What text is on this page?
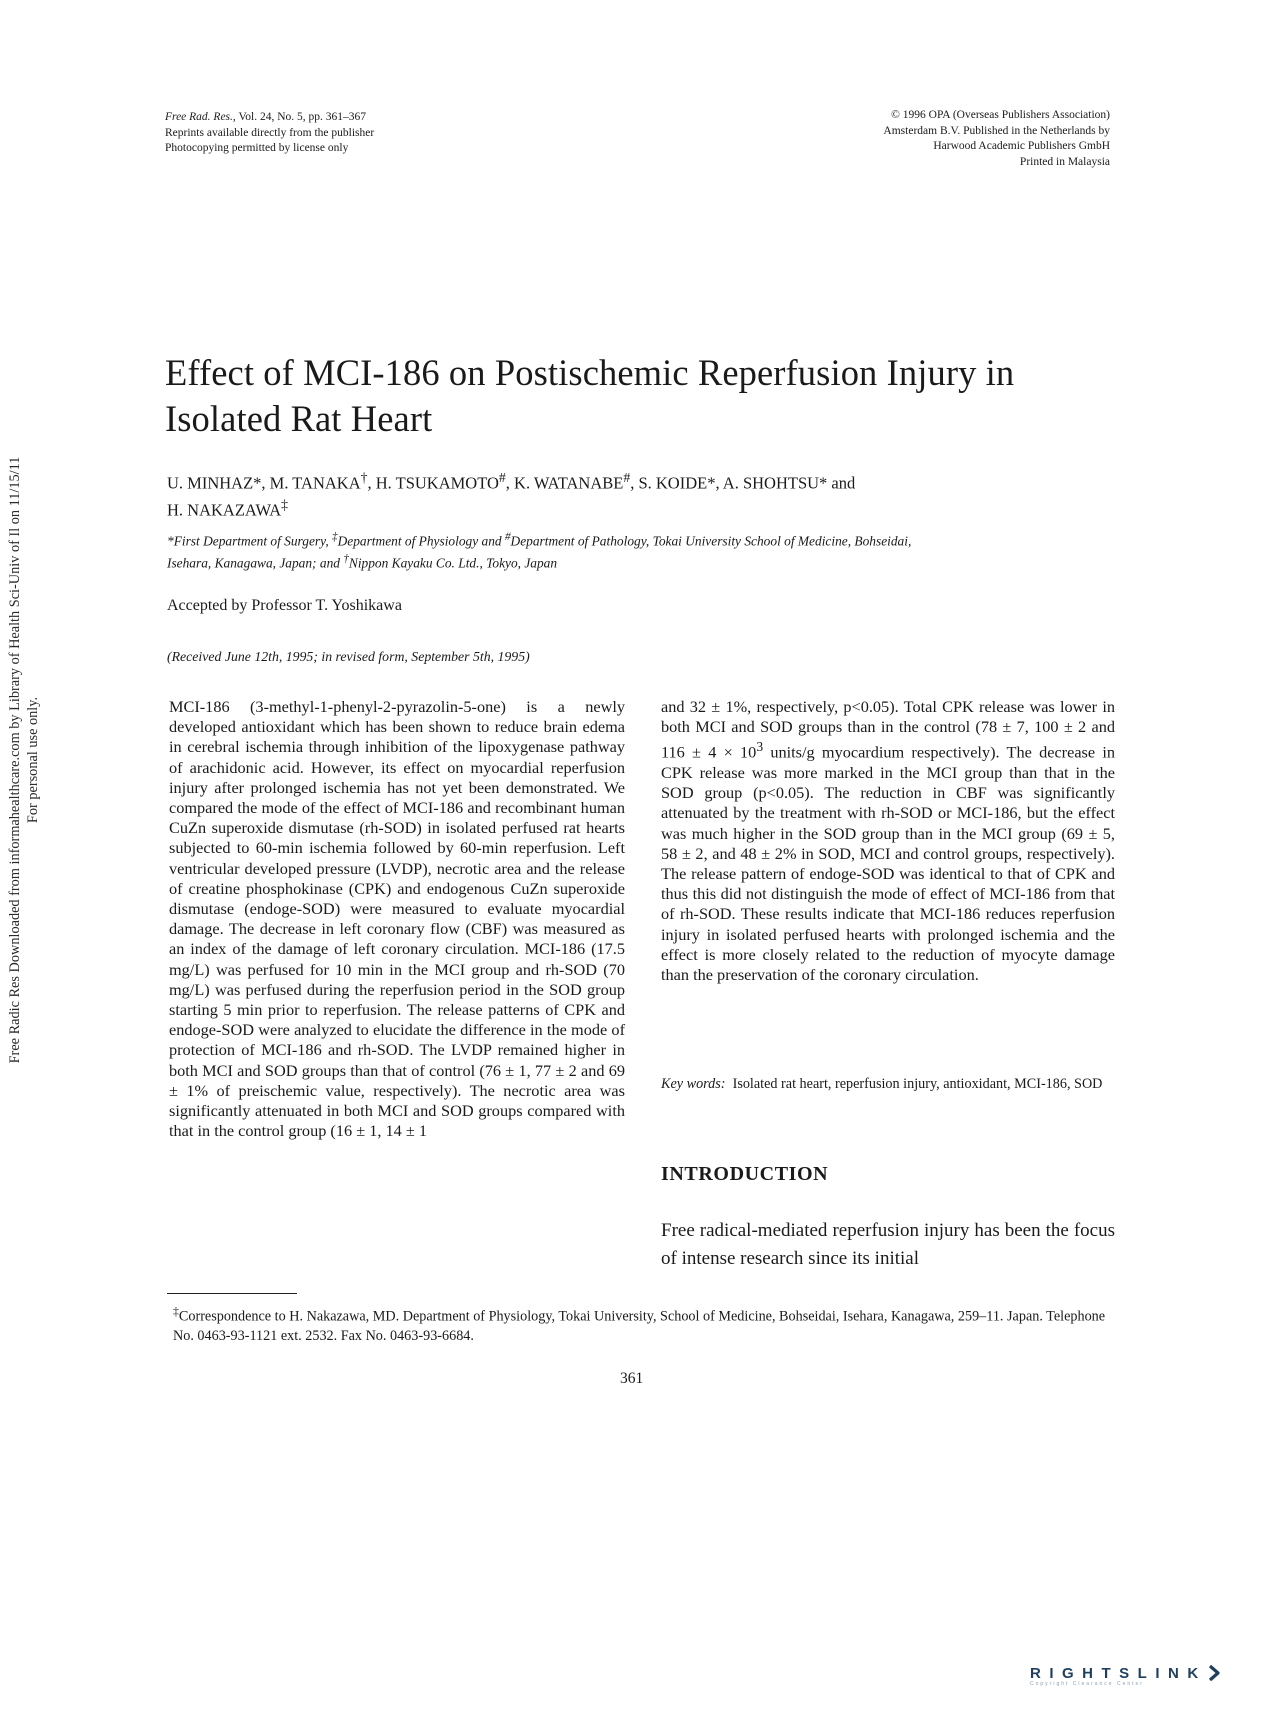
Free Rad. Res., Vol. 24, No. 5, pp. 361–367
Reprints available directly from the publisher
Photocopying permitted by license only
© 1996 OPA (Overseas Publishers Association)
Amsterdam B.V. Published in the Netherlands by
Harwood Academic Publishers GmbH
Printed in Malaysia
Effect of MCI-186 on Postischemic Reperfusion Injury in
Isolated Rat Heart
U. MINHAZ*, M. TANAKA†, H. TSUKAMOTO#, K. WATANABE#, S. KOIDE*, A. SHOHTSU* and
H. NAKAZAWA‡
*First Department of Surgery, ‡Department of Physiology and #Department of Pathology, Tokai University School of Medicine, Bohseidai,
Isehara, Kanagawa, Japan; and †Nippon Kayaku Co. Ltd., Tokyo, Japan
Accepted by Professor T. Yoshikawa
(Received June 12th, 1995; in revised form, September 5th, 1995)

MCI-186 (3-methyl-1-phenyl-2-pyrazolin-5-one) is a newly developed antioxidant which has been shown to reduce brain edema in cerebral ischemia through inhibition of the lipoxygenase pathway of arachidonic acid. However, its effect on myocardial reperfusion injury after prolonged ischemia has not yet been demonstrated. We compared the mode of the effect of MCI-186 and recombinant human CuZn superoxide dismutase (rh-SOD) in isolated perfused rat hearts subjected to 60-min ischemia followed by 60-min reperfusion. Left ventricular developed pressure (LVDP), necrotic area and the release of creatine phosphokinase (CPK) and endogenous CuZn superoxide dismutase (endoge-SOD) were measured to evaluate myocardial damage. The decrease in left coronary flow (CBF) was measured as an index of the damage of left coronary circulation. MCI-186 (17.5 mg/L) was perfused for 10 min in the MCI group and rh-SOD (70 mg/L) was perfused during the reperfusion period in the SOD group starting 5 min prior to reperfusion. The release patterns of CPK and endoge-SOD were analyzed to elucidate the difference in the mode of protection of MCI-186 and rh-SOD. The LVDP remained higher in both MCI and SOD groups than that of control (76 ± 1, 77 ± 2 and 69 ± 1% of preischemic value, respectively). The necrotic area was significantly attenuated in both MCI and SOD groups compared with that in the control group (16 ± 1, 14 ± 1

and 32 ± 1%, respectively, p<0.05). Total CPK release was lower in both MCI and SOD groups than in the control (78 ± 7, 100 ± 2 and $116 \pm 4 \times 10^3$ units/g myocardium respectively). The decrease in CPK release was more marked in the MCI group than that in the SOD group (p<0.05). The reduction in CBF was significantly attenuated by the treatment with rh-SOD or MCI-186, but the effect was much higher in the SOD group than in the MCI group (69 ± 5, 58 ± 2, and 48 ± 2% in SOD, MCI and control groups, respectively). The release pattern of endoge-SOD was identical to that of CPK and thus this did not distinguish the mode of effect of MCI-186 from that of rh-SOD. These results indicate that MCI-186 reduces reperfusion injury in isolated perfused hearts with prolonged ischemia and the effect is more closely related to the reduction of myocyte damage than the preservation of the coronary circulation.

Key words: Isolated rat heart, reperfusion injury, antioxidant, MCI-186, SOD
INTRODUCTION
Free radical-mediated reperfusion injury has been the focus of intense research since its initial
‡Correspondence to H. Nakazawa, MD. Department of Physiology, Tokai University, School of Medicine, Bohseidai, Isehara, Kanagawa, 259–11. Japan. Telephone No. 0463-93-1121 ext. 2532. Fax No. 0463-93-6684.
361
Free Radic Res Downloaded from informahealthcare.com by Library of Health Sci-Univ of Il on 11/15/11 For personal use only.
RIGHTSLINK
Copyright Clearance Center
